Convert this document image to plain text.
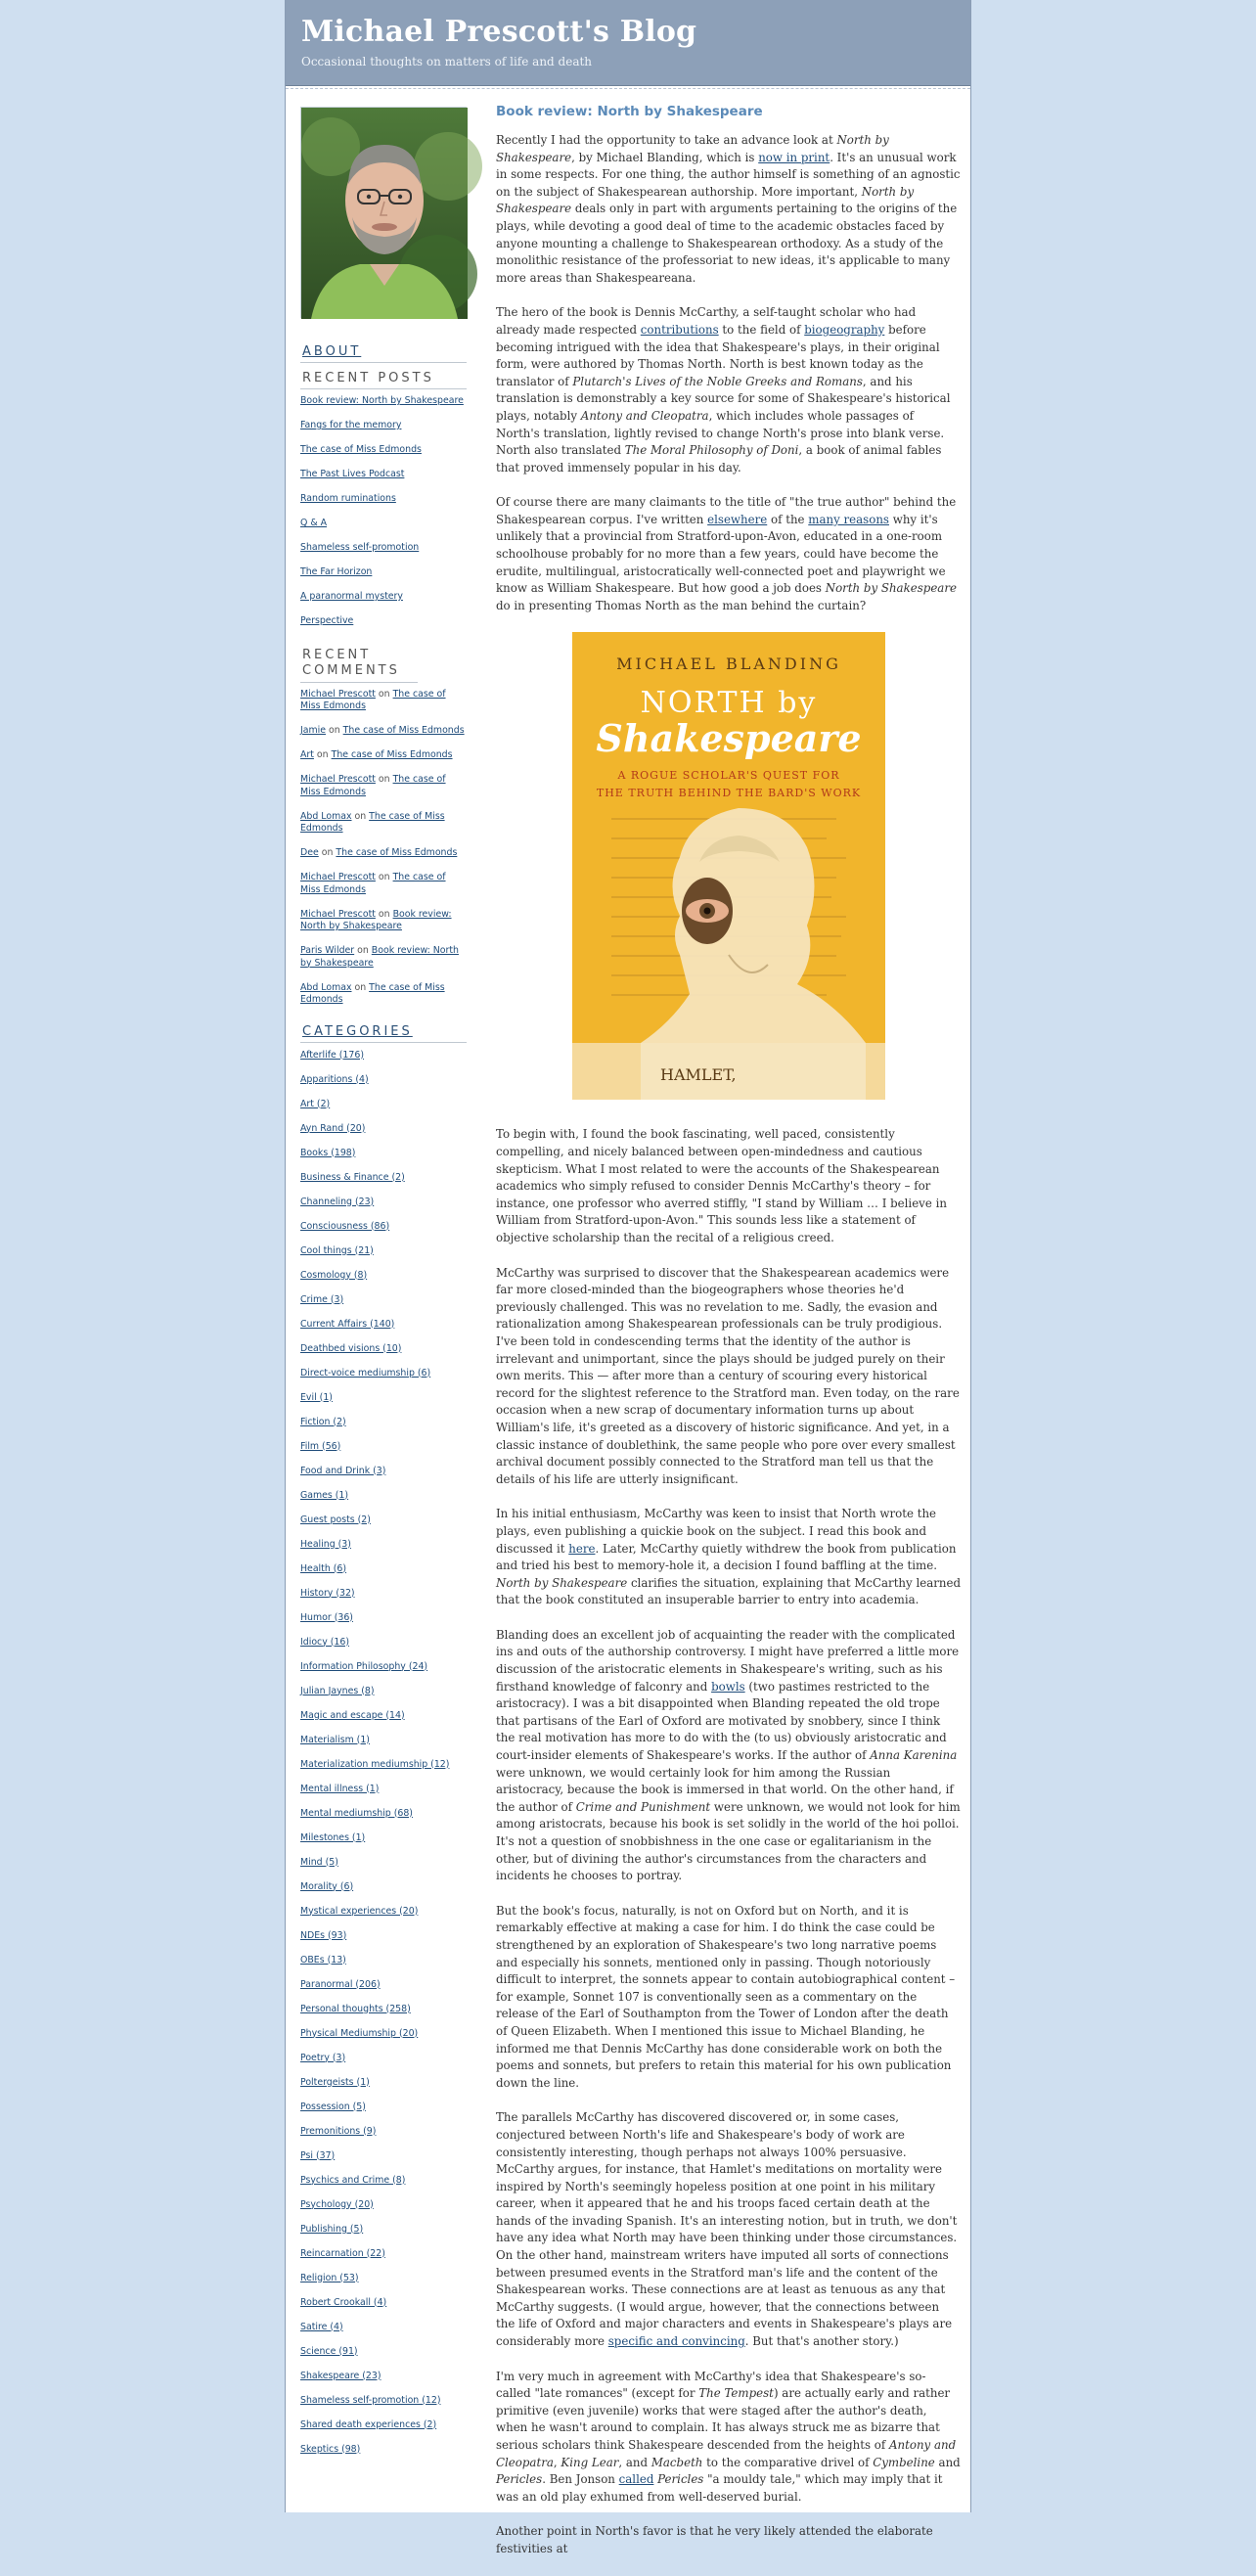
Michael Prescott's Blog
Occasional thoughts on matters of life and death
ABOUT
RECENT POSTS
Book review: North by Shakespeare
Fangs for the memory
The case of Miss Edmonds
The Past Lives Podcast
Random ruminations
Q & A
Shameless self-promotion
The Far Horizon
A paranormal mystery
Perspective
RECENT COMMENTS
Michael Prescott on The case of Miss Edmonds
Jamie on The case of Miss Edmonds
Art on The case of Miss Edmonds
Michael Prescott on The case of Miss Edmonds
Abd Lomax on The case of Miss Edmonds
Dee on The case of Miss Edmonds
Michael Prescott on The case of Miss Edmonds
Michael Prescott on Book review: North by Shakespeare
Paris Wilder on Book review: North by Shakespeare
Abd Lomax on The case of Miss Edmonds
CATEGORIES
Afterlife (176)
Apparitions (4)
Art (2)
Ayn Rand (20)
Books (198)
Business & Finance (2)
Channeling (23)
Consciousness (86)
Cool things (21)
Cosmology (8)
Crime (3)
Current Affairs (140)
Deathbed visions (10)
Direct-voice mediumship (6)
Evil (1)
Fiction (2)
Film (56)
Food and Drink (3)
Games (1)
Guest posts (2)
Healing (3)
Health (6)
History (32)
Humor (36)
Idiocy (16)
Information Philosophy (24)
Julian Jaynes (8)
Magic and escape (14)
Materialism (1)
Materialization mediumship (12)
Mental illness (1)
Mental mediumship (68)
Milestones (1)
Mind (5)
Morality (6)
Mystical experiences (20)
NDEs (93)
OBEs (13)
Paranormal (206)
Personal thoughts (258)
Physical Mediumship (20)
Poetry (3)
Poltergeists (1)
Possession (5)
Premonitions (9)
Psi (37)
Psychics and Crime (8)
Psychology (20)
Publishing (5)
Reincarnation (22)
Religion (53)
Robert Crookall (4)
Satire (4)
Science (91)
Shakespeare (23)
Shameless self-promotion (12)
Shared death experiences (2)
Skeptics (98)
Book review: North by Shakespeare

Recently I had the opportunity to take an advance look at North by Shakespeare, by Michael Blanding, which is now in print. It's an unusual work in some respects. For one thing, the author himself is something of an agnostic on the subject of Shakespearean authorship. More important, North by Shakespeare deals only in part with arguments pertaining to the origins of the plays, while devoting a good deal of time to the academic obstacles faced by anyone mounting a challenge to Shakespearean orthodoxy. As a study of the monolithic resistance of the professoriat to new ideas, it's applicable to many more areas than Shakespeareana.

The hero of the book is Dennis McCarthy, a self-taught scholar who had already made respected contributions to the field of biogeography before becoming intrigued with the idea that Shakespeare's plays, in their original form, were authored by Thomas North. North is best known today as the translator of Plutarch's Lives of the Noble Greeks and Romans, and his translation is demonstrably a key source for some of Shakespeare's historical plays, notably Antony and Cleopatra, which includes whole passages of North's translation, lightly revised to change North's prose into blank verse. North also translated The Moral Philosophy of Doni, a book of animal fables that proved immensely popular in his day.

Of course there are many claimants to the title of "the true author" behind the Shakespearean corpus. I've written elsewhere of the many reasons why it's unlikely that a provincial from Stratford-upon-Avon, educated in a one-room schoolhouse probably for no more than a few years, could have become the erudite, multilingual, aristocratically well-connected poet and playwright we know as William Shakespeare. But how good a job does North by Shakespeare do in presenting Thomas North as the man behind the curtain?

HAMLET,
MICHAEL BLANDING
NORTH by
Shakespeare
A ROGUE SCHOLAR'S QUEST FOR
THE TRUTH BEHIND THE BARD'S WORK

To begin with, I found the book fascinating, well paced, consistently compelling, and nicely balanced between open-mindedness and cautious skepticism. What I most related to were the accounts of the Shakespearean academics who simply refused to consider Dennis McCarthy's theory – for instance, one professor who averred stiffly, "I stand by William … I believe in William from Stratford-upon-Avon." This sounds less like a statement of objective scholarship than the recital of a religious creed.

McCarthy was surprised to discover that the Shakespearean academics were far more closed-minded than the biogeographers whose theories he'd previously challenged. This was no revelation to me. Sadly, the evasion and rationalization among Shakespearean professionals can be truly prodigious. I've been told in condescending terms that the identity of the author is irrelevant and unimportant, since the plays should be judged purely on their own merits. This — after more than a century of scouring every historical record for the slightest reference to the Stratford man. Even today, on the rare occasion when a new scrap of documentary information turns up about William's life, it's greeted as a discovery of historic significance. And yet, in a classic instance of doublethink, the same people who pore over every smallest archival document possibly connected to the Stratford man tell us that the details of his life are utterly insignificant.

In his initial enthusiasm, McCarthy was keen to insist that North wrote the plays, even publishing a quickie book on the subject. I read this book and discussed it here. Later, McCarthy quietly withdrew the book from publication and tried his best to memory-hole it, a decision I found baffling at the time. North by Shakespeare clarifies the situation, explaining that McCarthy learned that the book constituted an insuperable barrier to entry into academia.

Blanding does an excellent job of acquainting the reader with the complicated ins and outs of the authorship controversy. I might have preferred a little more discussion of the aristocratic elements in Shakespeare's writing, such as his firsthand knowledge of falconry and bowls (two pastimes restricted to the aristocracy). I was a bit disappointed when Blanding repeated the old trope that partisans of the Earl of Oxford are motivated by snobbery, since I think the real motivation has more to do with the (to us) obviously aristocratic and court-insider elements of Shakespeare's works. If the author of Anna Karenina were unknown, we would certainly look for him among the Russian aristocracy, because the book is immersed in that world. On the other hand, if the author of Crime and Punishment were unknown, we would not look for him among aristocrats, because his book is set solidly in the world of the hoi polloi. It's not a question of snobbishness in the one case or egalitarianism in the other, but of divining the author's circumstances from the characters and incidents he chooses to portray.

But the book's focus, naturally, is not on Oxford but on North, and it is remarkably effective at making a case for him. I do think the case could be strengthened by an exploration of Shakespeare's two long narrative poems and especially his sonnets, mentioned only in passing. Though notoriously difficult to interpret, the sonnets appear to contain autobiographical content – for example, Sonnet 107 is conventionally seen as a commentary on the release of the Earl of Southampton from the Tower of London after the death of Queen Elizabeth. When I mentioned this issue to Michael Blanding, he informed me that Dennis McCarthy has done considerable work on both the poems and sonnets, but prefers to retain this material for his own publication down the line.

The parallels McCarthy has discovered discovered or, in some cases, conjectured between North's life and Shakespeare's body of work are consistently interesting, though perhaps not always 100% persuasive. McCarthy argues, for instance, that Hamlet's meditations on mortality were inspired by North's seemingly hopeless position at one point in his military career, when it appeared that he and his troops faced certain death at the hands of the invading Spanish. It's an interesting notion, but in truth, we don't have any idea what North may have been thinking under those circumstances. On the other hand, mainstream writers have imputed all sorts of connections between presumed events in the Stratford man's life and the content of the Shakespearean works. These connections are at least as tenuous as any that McCarthy suggests. (I would argue, however, that the connections between the life of Oxford and major characters and events in Shakespeare's plays are considerably more specific and convincing. But that's another story.)

I'm very much in agreement with McCarthy's idea that Shakespeare's so-called "late romances" (except for The Tempest) are actually early and rather primitive (even juvenile) works that were staged after the author's death, when he wasn't around to complain. It has always struck me as bizarre that serious scholars think Shakespeare descended from the heights of Antony and Cleopatra, King Lear, and Macbeth to the comparative drivel of Cymbeline and Pericles. Ben Jonson called Pericles "a mouldy tale," which may imply that it was an old play exhumed from well-deserved burial.

Another point in North's favor is that he very likely attended the elaborate festivities at
